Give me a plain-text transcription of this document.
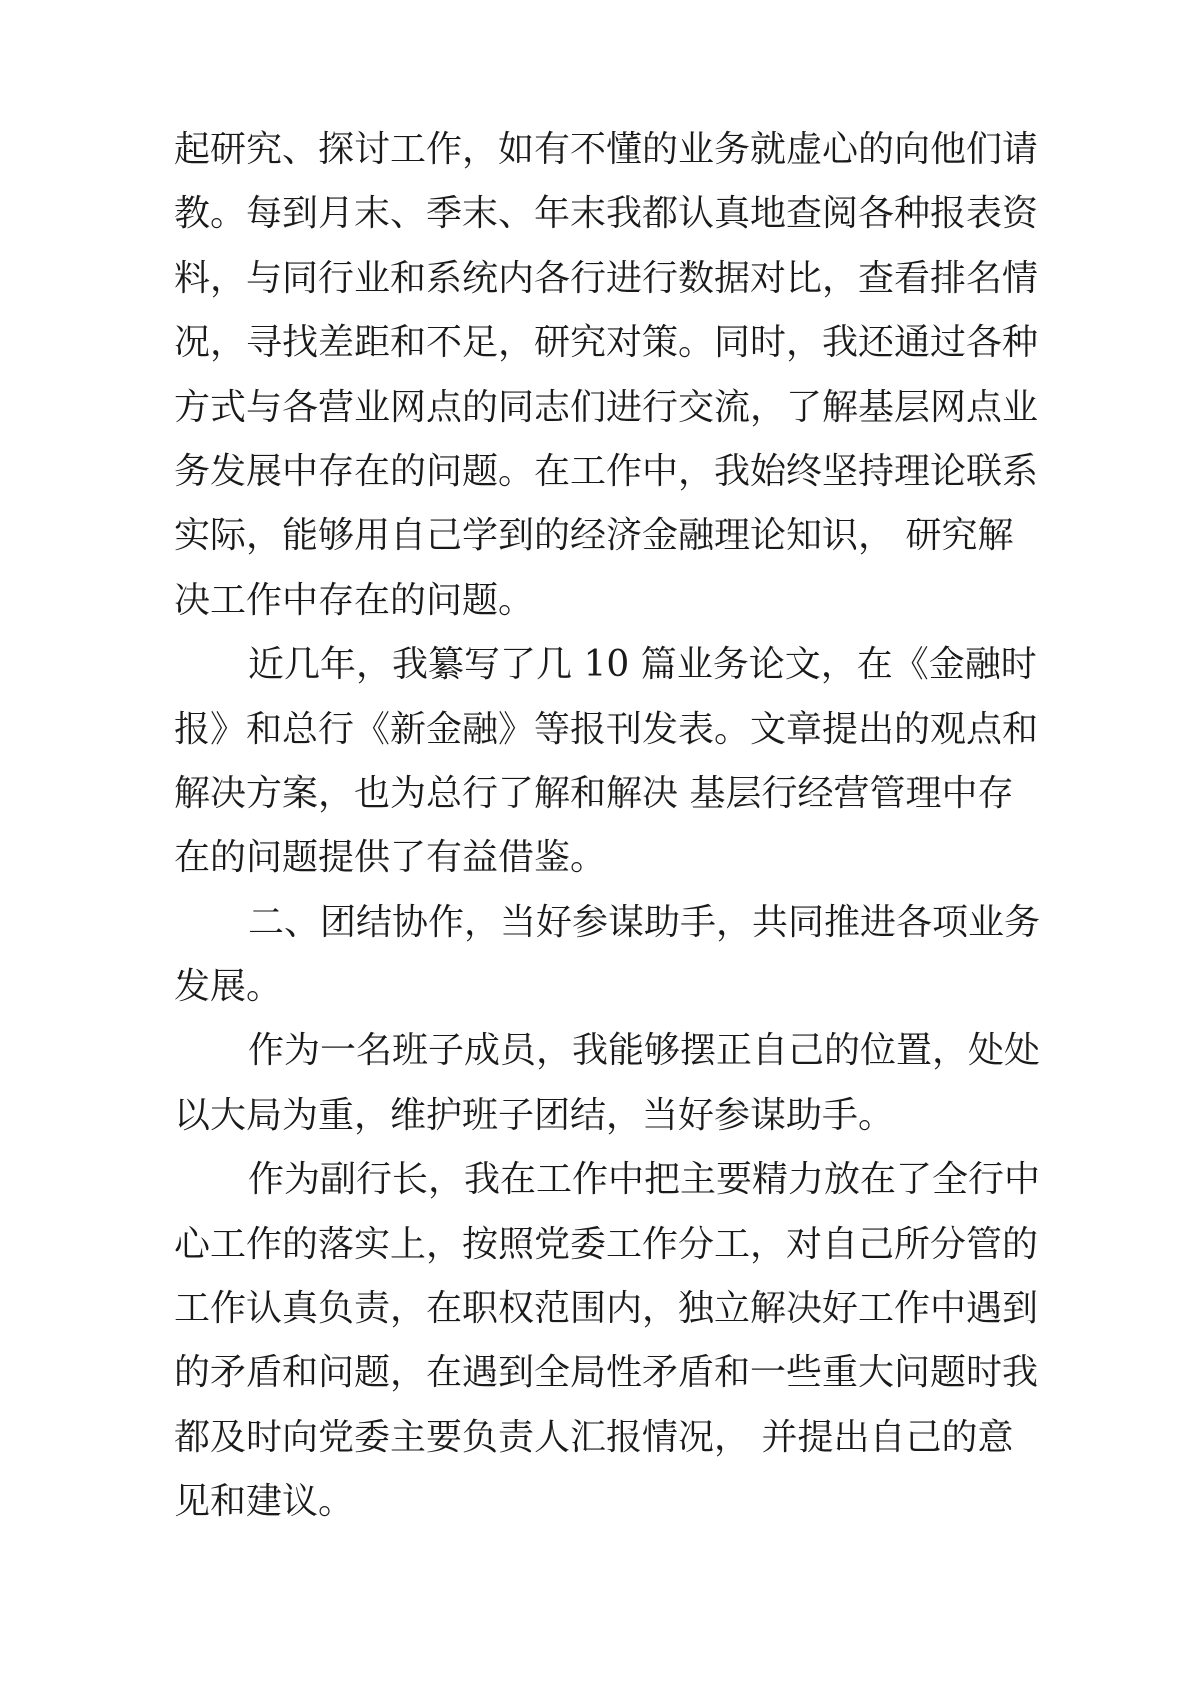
起研究、探讨工作，如有不懂的业务就虚心的向他们请
教。每到月末、季末、年末我都认真地查阅各种报表资
料，与同行业和系统内各行进行数据对比，查看排名情
况，寻找差距和不足，研究对策。同时，我还通过各种
方式与各营业网点的同志们进行交流，了解基层网点业
务发展中存在的问题。在工作中，我始终坚持理论联系
实际，能够用自己学到的经济金融理论知识， 研究解
决工作中存在的问题。
近几年，我纂写了几 10 篇业务论文，在《金融时
报》和总行《新金融》等报刊发表。文章提出的观点和
解决方案，也为总行了解和解决 基层行经营管理中存
在的问题提供了有益借鉴。
二、团结协作，当好参谋助手，共同推进各项业务
发展。
作为一名班子成员，我能够摆正自己的位置，处处
以大局为重，维护班子团结，当好参谋助手。
作为副行长，我在工作中把主要精力放在了全行中
心工作的落实上，按照党委工作分工，对自己所分管的
工作认真负责，在职权范围内，独立解决好工作中遇到
的矛盾和问题，在遇到全局性矛盾和一些重大问题时我
都及时向党委主要负责人汇报情况， 并提出自己的意
见和建议。
